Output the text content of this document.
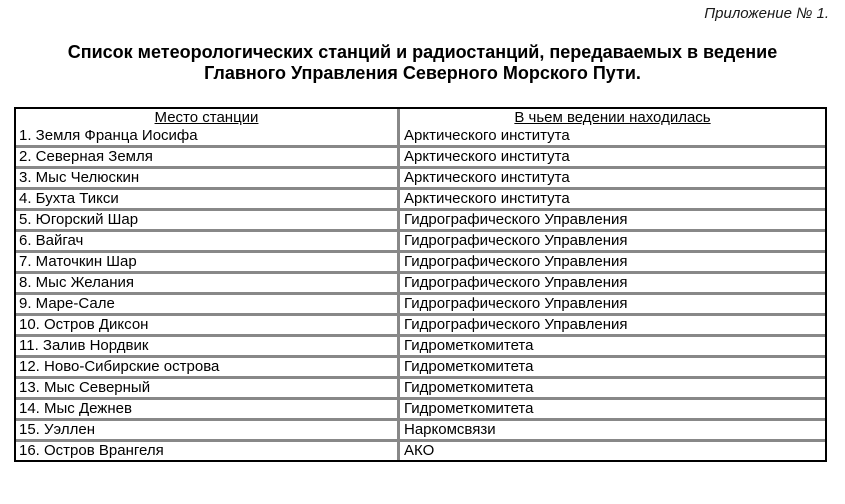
Приложение № 1.
Список метеорологических станций и радиостанций, передаваемых в ведение
Главного Управления Северного Морского Пути.
Место станции	В чьем ведении находилась
1. Земля Франца Иосифа	Арктического института
2. Северная Земля	Арктического института
3. Мыс Челюскин	Арктического института
4. Бухта Тикси	Арктического института
5. Югорский Шар	Гидрографического Управления
6. Вайгач	Гидрографического Управления
7. Маточкин Шар	Гидрографического Управления
8. Мыс Желания	Гидрографического Управления
9. Маре-Сале	Гидрографического Управления
10. Остров Диксон	Гидрографического Управления
11. Залив Нордвик	Гидрометкомитета
12. Ново-Сибирские острова	Гидрометкомитета
13. Мыс Северный	Гидрометкомитета
14. Мыс Дежнев	Гидрометкомитета
15. Уэллен	Наркомсвязи
16. Остров Врангеля	АКО
